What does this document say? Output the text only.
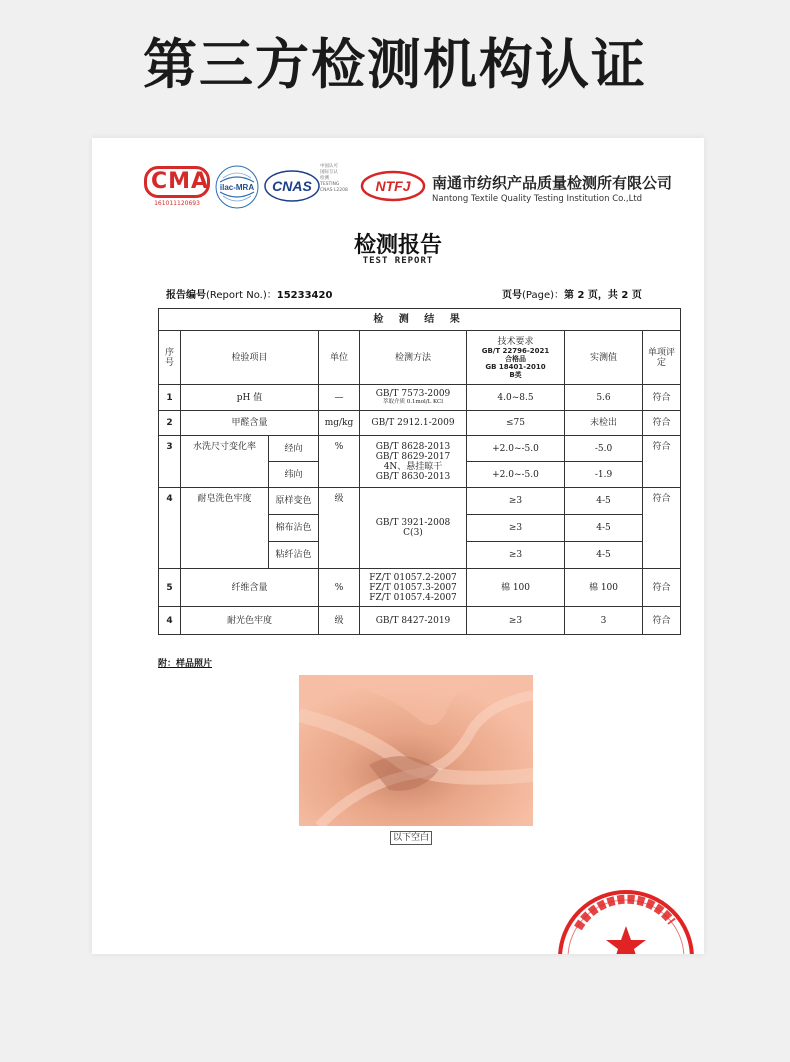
第三方检测机构认证
CMA
161011120693
ilac-MRA CNAS
中国认可
国际互认
检测
TESTING
CNAS L2208	NTFJ 南通市纺织产品质量检测所有限公司
Nantong Textile Quality Testing Institution Co.,Ltd
检测报告
TEST REPORT
报告编号(Report No.)：15233420	页号(Page)：第 2 页，共 2 页
检 测 结 果							
序号	检验项目		单位	检测方法	技术要求
GB/T 22796-2021
合格品
GB 18401-2010
B类	实测值	单项评定
1	pH 值		—	GB/T 7573-2009
萃取介质 0.1mol/L KCl	4.0~8.5	5.6	符合
2	甲醛含量		mg/kg	GB/T 2912.1-2009	≤75	未检出	符合
3	水洗尺寸变化率	经向	%	GB/T 8628-2013
GB/T 8629-2017
4N、悬挂晾干
GB/T 8630-2013	+2.0~-5.0	-5.0	符合
		纬向			+2.0~-5.0	-1.9	
4	耐皂洗色牢度	原样变色	级	GB/T 3921-2008
C(3)	≥3	4-5	符合
		棉布沾色			≥3	4-5	
		粘纤沾色			≥3	4-5	
5	纤维含量		%	FZ/T 01057.2-2007
FZ/T 01057.3-2007
FZ/T 01057.4-2007	棉 100	棉 100	符合
4	耐光色牢度		级	GB/T 8427-2019	≥3	3	符合
附：样品照片
以下空白
